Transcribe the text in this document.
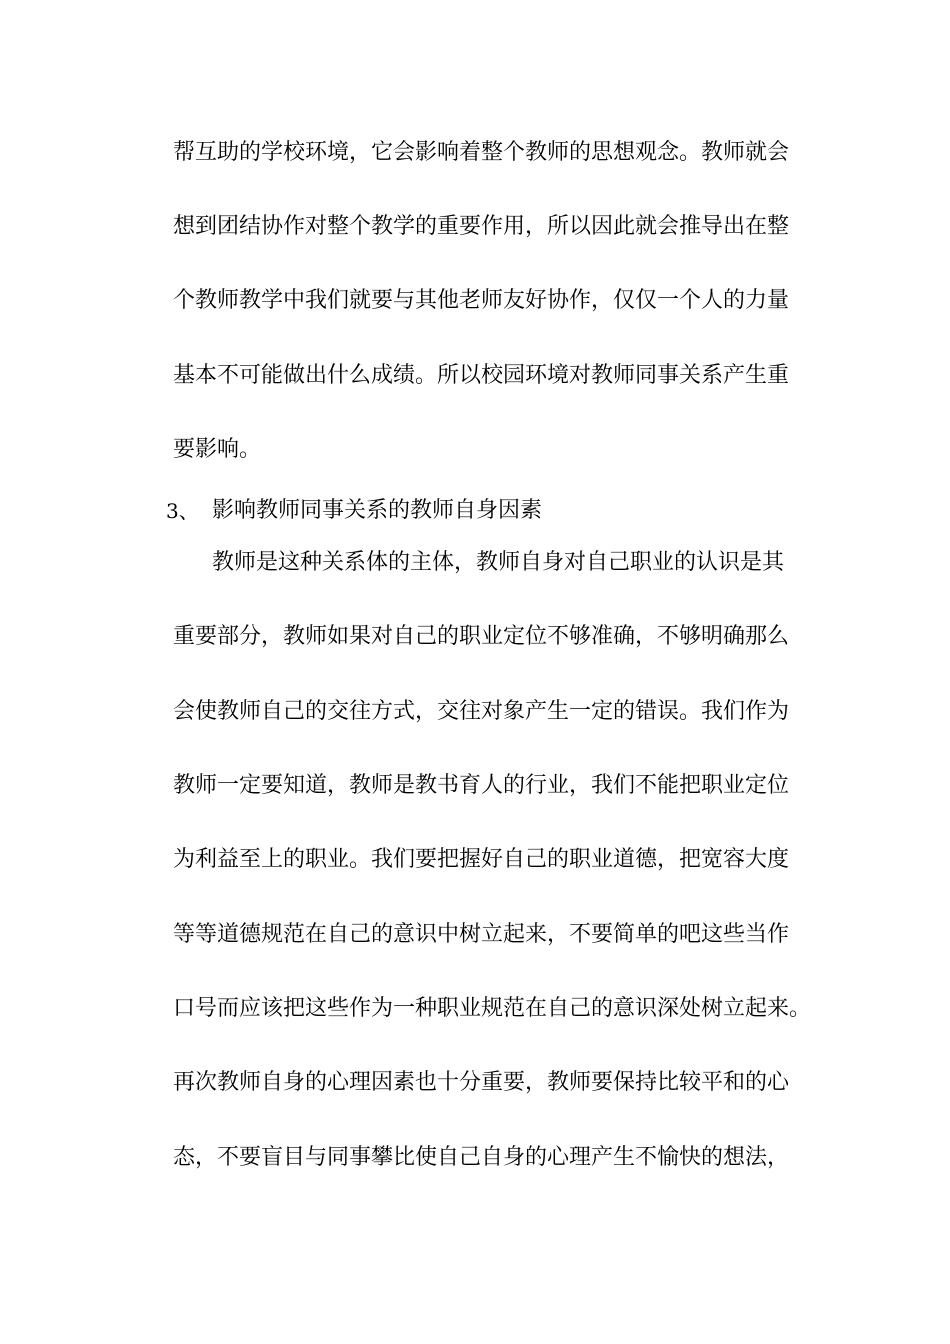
帮互助的学校环境，它会影响着整个教师的思想观念。教师就会
想到团结协作对整个教学的重要作用，所以因此就会推导出在整
个教师教学中我们就要与其他老师友好协作，仅仅一个人的力量
基本不可能做出什么成绩。所以校园环境对教师同事关系产生重
要影响。
3、 影响教师同事关系的教师自身因素
教师是这种关系体的主体，教师自身对自己职业的认识是其
重要部分，教师如果对自己的职业定位不够准确，不够明确那么
会使教师自己的交往方式，交往对象产生一定的错误。我们作为
教师一定要知道，教师是教书育人的行业，我们不能把职业定位
为利益至上的职业。我们要把握好自己的职业道德，把宽容大度
等等道德规范在自己的意识中树立起来，不要简单的吧这些当作
口号而应该把这些作为一种职业规范在自己的意识深处树立起来。
再次教师自身的心理因素也十分重要，教师要保持比较平和的心
态，不要盲目与同事攀比使自己自身的心理产生不愉快的想法，
